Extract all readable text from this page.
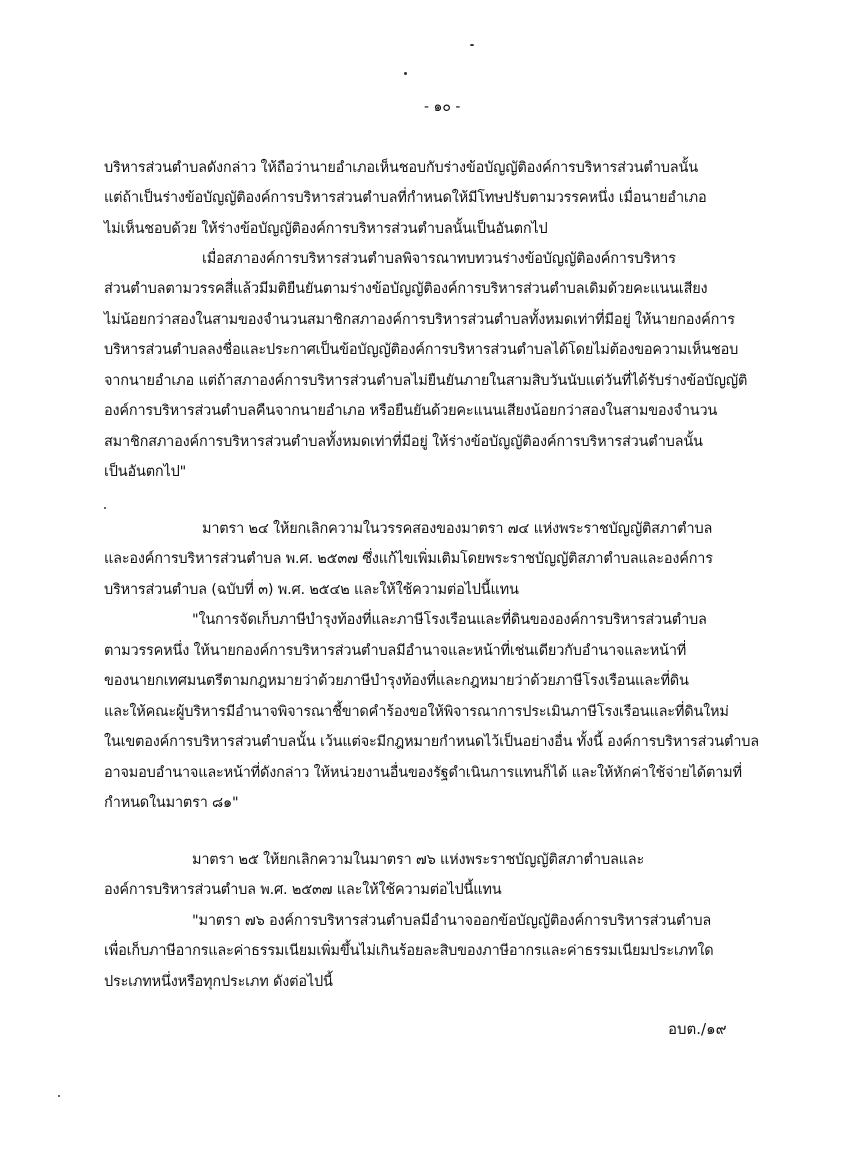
- ๑๐ -
บริหารส่วนตำบลดังกล่าว ให้ถือว่านายอำเภอเห็นชอบกับร่างข้อบัญญัติองค์การบริหารส่วนตำบลนั้น
แต่ถ้าเป็นร่างข้อบัญญัติองค์การบริหารส่วนตำบลที่กำหนดให้มีโทษปรับตามวรรคหนึ่ง เมื่อนายอำเภอ
ไม่เห็นชอบด้วย ให้ร่างข้อบัญญัติองค์การบริหารส่วนตำบลนั้นเป็นอันตกไป
เมื่อสภาองค์การบริหารส่วนตำบลพิจารณาทบทวนร่างข้อบัญญัติองค์การบริหาร
ส่วนตำบลตามวรรคสี่แล้วมีมติยืนยันตามร่างข้อบัญญัติองค์การบริหารส่วนตำบลเดิมด้วยคะแนนเสียง
ไม่น้อยกว่าสองในสามของจำนวนสมาชิกสภาองค์การบริหารส่วนตำบลทั้งหมดเท่าที่มีอยู่ ให้นายกองค์การ
บริหารส่วนตำบลลงชื่อและประกาศเป็นข้อบัญญัติองค์การบริหารส่วนตำบลได้โดยไม่ต้องขอความเห็นชอบ
จากนายอำเภอ แต่ถ้าสภาองค์การบริหารส่วนตำบลไม่ยืนยันภายในสามสิบวันนับแต่วันที่ได้รับร่างข้อบัญญัติ
องค์การบริหารส่วนตำบลคืนจากนายอำเภอ หรือยืนยันด้วยคะแนนเสียงน้อยกว่าสองในสามของจำนวน
สมาชิกสภาองค์การบริหารส่วนตำบลทั้งหมดเท่าที่มีอยู่ ให้ร่างข้อบัญญัติองค์การบริหารส่วนตำบลนั้น
เป็นอันตกไป"
มาตรา ๒๔ ให้ยกเลิกความในวรรคสองของมาตรา ๗๔ แห่งพระราชบัญญัติสภาตำบล
และองค์การบริหารส่วนตำบล พ.ศ. ๒๕๓๗ ซึ่งแก้ไขเพิ่มเติมโดยพระราชบัญญัติสภาตำบลและองค์การ
บริหารส่วนตำบล (ฉบับที่ ๓) พ.ศ. ๒๕๔๒ และให้ใช้ความต่อไปนี้แทน
"ในการจัดเก็บภาษีบำรุงท้องที่และภาษีโรงเรือนและที่ดินขององค์การบริหารส่วนตำบล
ตามวรรคหนึ่ง ให้นายกองค์การบริหารส่วนตำบลมีอำนาจและหน้าที่เช่นเดียวกับอำนาจและหน้าที่
ของนายกเทศมนตรีตามกฎหมายว่าด้วยภาษีบำรุงท้องที่และกฎหมายว่าด้วยภาษีโรงเรือนและที่ดิน
และให้คณะผู้บริหารมีอำนาจพิจารณาชี้ขาดคำร้องขอให้พิจารณาการประเมินภาษีโรงเรือนและที่ดินใหม่
ในเขตองค์การบริหารส่วนตำบลนั้น เว้นแต่จะมีกฎหมายกำหนดไว้เป็นอย่างอื่น ทั้งนี้ องค์การบริหารส่วนตำบล
อาจมอบอำนาจและหน้าที่ดังกล่าว ให้หน่วยงานอื่นของรัฐดำเนินการแทนก็ได้ และให้หักค่าใช้จ่ายได้ตามที่
กำหนดในมาตรา ๘๑"
มาตรา ๒๕ ให้ยกเลิกความในมาตรา ๗๖ แห่งพระราชบัญญัติสภาตำบลและ
องค์การบริหารส่วนตำบล พ.ศ. ๒๕๓๗ และให้ใช้ความต่อไปนี้แทน
"มาตรา ๗๖ องค์การบริหารส่วนตำบลมีอำนาจออกข้อบัญญัติองค์การบริหารส่วนตำบล
เพื่อเก็บภาษีอากรและค่าธรรมเนียมเพิ่มขึ้นไม่เกินร้อยละสิบของภาษีอากรและค่าธรรมเนียมประเภทใด
ประเภทหนึ่งหรือทุกประเภท ดังต่อไปนี้
อบต./๑๙
